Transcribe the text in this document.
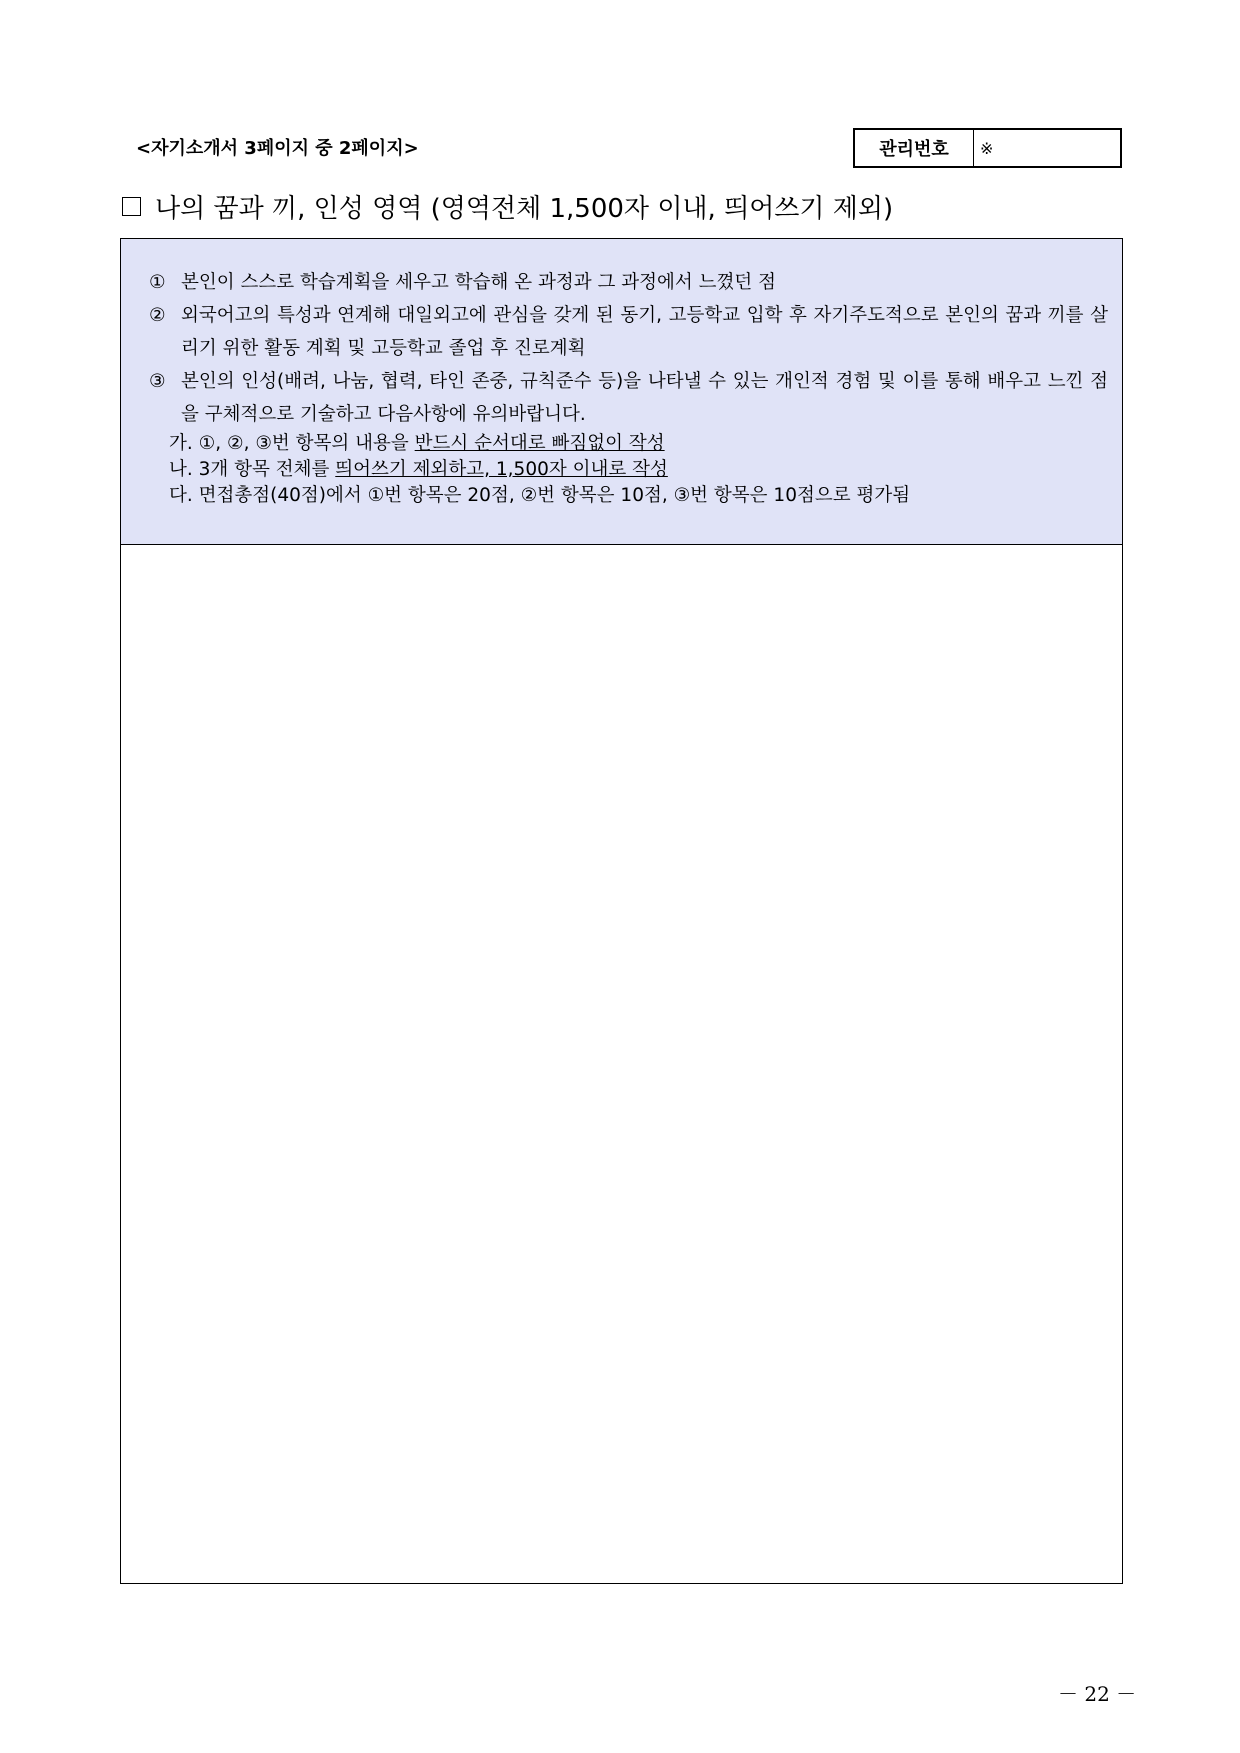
<자기소개서 3페이지 중 2페이지>	관리번호	※
나의 꿈과 끼, 인성 영역 (영역전체 1,500자 이내, 띄어쓰기 제외)
① 본인이 스스로 학습계획을 세우고 학습해 온 과정과 그 과정에서 느꼈던 점
② 외국어고의 특성과 연계해 대일외고에 관심을 갖게 된 동기, 고등학교 입학 후 자기주도적으로 본인의 꿈과 끼를 살리기 위한 활동 계획 및 고등학교 졸업 후 진로계획
③ 본인의 인성(배려, 나눔, 협력, 타인 존중, 규칙준수 등)을 나타낼 수 있는 개인적 경험 및 이를 통해 배우고 느낀 점을 구체적으로 기술하고 다음사항에 유의바랍니다.
가. ①, ②, ③번 항목의 내용을 반드시 순서대로 빠짐없이 작성
나. 3개 항목 전체를 띄어쓰기 제외하고, 1,500자 이내로 작성
다. 면접총점(40점)에서 ①번 항목은 20점, ②번 항목은 10점, ③번 항목은 10점으로 평가됨
－ 22 －
